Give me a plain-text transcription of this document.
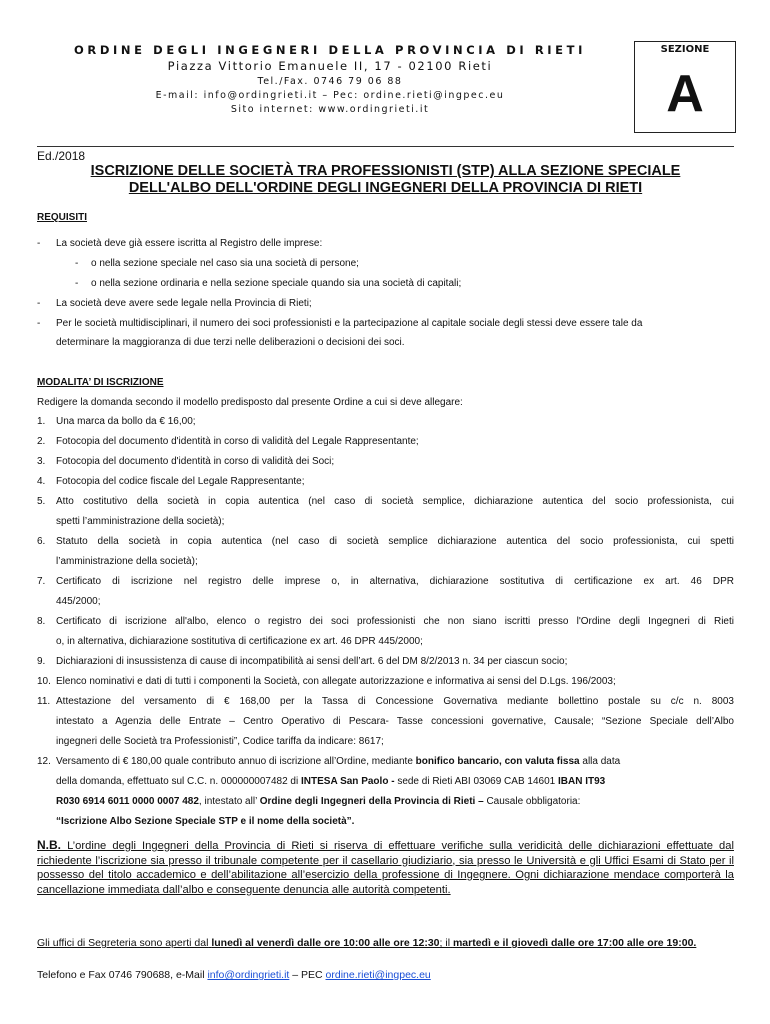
ORDINE DEGLI INGEGNERI DELLA PROVINCIA DI RIETI
Piazza Vittorio Emanuele II, 17 - 02100 Rieti
Tel./Fax. 0746 79 06 88
E-mail: info@ordingrieti.it – Pec: ordine.rieti@ingpec.eu
Sito internet: www.ordingrieti.it
SEZIONE
A
Ed./2018
ISCRIZIONE DELLE SOCIETÀ TRA PROFESSIONISTI (STP) ALLA SEZIONE SPECIALE
DELL'ALBO DELL'ORDINE DEGLI INGEGNERI DELLA PROVINCIA DI RIETI
REQUISITI
- La società deve già essere iscritta al Registro delle imprese:
- o nella sezione speciale nel caso sia una società di persone;
- o nella sezione ordinaria e nella sezione speciale quando sia una società di capitali;
- La società deve avere sede legale nella Provincia di Rieti;
- Per le società multidisciplinari, il numero dei soci professionisti e la partecipazione al capitale sociale degli stessi deve essere tale da
determinare la maggioranza di due terzi nelle deliberazioni o decisioni dei soci.
MODALITA’ DI ISCRIZIONE
Redigere la domanda secondo il modello predisposto dal presente Ordine a cui si deve allegare:
1. Una marca da bollo da € 16,00;
2. Fotocopia del documento d'identità in corso di validità del Legale Rappresentante;
3. Fotocopia del documento d'identità in corso di validità dei Soci;
4. Fotocopia del codice fiscale del Legale Rappresentante;
5. Atto costitutivo della società in copia autentica (nel caso di società semplice, dichiarazione autentica del socio professionista, cui
spetti l’amministrazione della società);
6. Statuto della società in copia autentica (nel caso di società semplice dichiarazione autentica del socio professionista, cui spetti
l’amministrazione della società);
7. Certificato di iscrizione nel registro delle imprese o, in alternativa, dichiarazione sostitutiva di certificazione ex art. 46 DPR
445/2000;
8. Certificato di iscrizione all'albo, elenco o registro dei soci professionisti che non siano iscritti presso l'Ordine degli Ingegneri di Rieti
o, in alternativa, dichiarazione sostitutiva di certificazione ex art. 46 DPR 445/2000;
9. Dichiarazioni di insussistenza di cause di incompatibilità ai sensi dell’art. 6 del DM 8/2/2013 n. 34 per ciascun socio;
10. Elenco nominativi e dati di tutti i componenti la Società, con allegate autorizzazione e informativa ai sensi del D.Lgs. 196/2003;
11. Attestazione del versamento di € 168,00 per la Tassa di Concessione Governativa mediante bollettino postale su c/c n. 8003
intestato a Agenzia delle Entrate – Centro Operativo di Pescara- Tasse concessioni governative, Causale; “Sezione Speciale dell’Albo
ingegneri delle Società tra Professionisti”, Codice tariffa da indicare: 8617;
12. Versamento di € 180,00 quale contributo annuo di iscrizione all’Ordine, mediante bonifico bancario, con valuta fissa alla data
della domanda, effettuato sul C.C. n. 000000007482 di INTESA San Paolo - sede di Rieti ABI 03069 CAB 14601 IBAN IT93
R030 6914 6011 0000 0007 482, intestato all’ Ordine degli Ingegneri della Provincia di Rieti – Causale obbligatoria:
“Iscrizione Albo Sezione Speciale STP e il nome della società”.
N.B. L’ordine degli Ingegneri della Provincia di Rieti si riserva di effettuare verifiche sulla veridicità delle dichiarazioni effettuate dal richiedente l’iscrizione sia presso il tribunale competente per il casellario giudiziario, sia presso le Università e gli Uffici Esami di Stato per il possesso del titolo accademico e dell’abilitazione all’esercizio della professione di Ingegnere. Ogni dichiarazione mendace comporterà la cancellazione immediata dall’albo e conseguente denuncia alle autorità competenti.
Gli uffici di Segreteria sono aperti dal lunedì al venerdì dalle ore 10:00 alle ore 12:30; il martedì e il giovedì dalle ore 17:00 alle ore 19:00.
Telefono e Fax 0746 790688, e-Mail info@ordingrieti.it – PEC ordine.rieti@ingpec.eu
